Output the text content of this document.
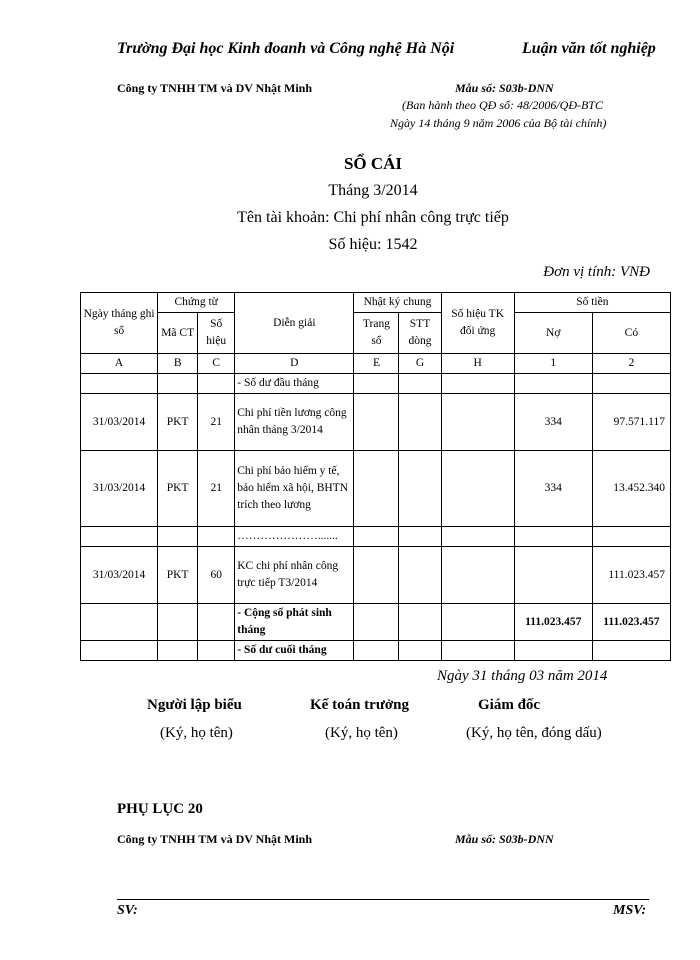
Trường Đại học Kinh đoanh và Công nghệ Hà Nội	Luận văn tốt nghiệp
Công ty TNHH TM và DV Nhật Minh	Mẫu số: S03b-DNN
(Ban hành theo QĐ số: 48/2006/QĐ-BTC
Ngày 14 tháng 9 năm 2006 của Bộ tài chính)
SỔ CÁI
Tháng 3/2014
Tên tài khoản: Chi phí nhân công trực tiếp
Số hiệu: 1542
Đơn vị tính: VNĐ
Ngày tháng ghi sổ	Chứng từ		Diễn giải	Nhật ký chung		Số hiệu TK đối ứng	Số tiền	
	Mã CT	Số hiệu		Trang sổ	STT dòng		Nợ	Có
A	B	C	D	E	G	H	1	2
			- Số dư đầu tháng					
31/03/2014	PKT	21	Chi phí tiền lương công nhân tháng 3/2014				334	97.571.117
31/03/2014	PKT	21	Chi phí bảo hiểm y tế, bảo hiểm xã hội, BHTN trích theo lương				334	13.452.340
			………………….......					
31/03/2014	PKT	60	KC chi phí nhân công trực tiếp T3/2014					111.023.457
			- Cộng số phát sinh tháng				111.023.457	111.023.457
			- Số dư cuối tháng					
Ngày 31 tháng 03 năm 2014
Người lập biểu	Kế toán trưởng	Giám đốc
(Ký, họ tên)	(Ký, họ tên)	(Ký, họ tên, đóng dấu)
PHỤ LỤC 20
Công ty TNHH TM và DV Nhật Minh	Mẫu số: S03b-DNN
SV:	MSV:
